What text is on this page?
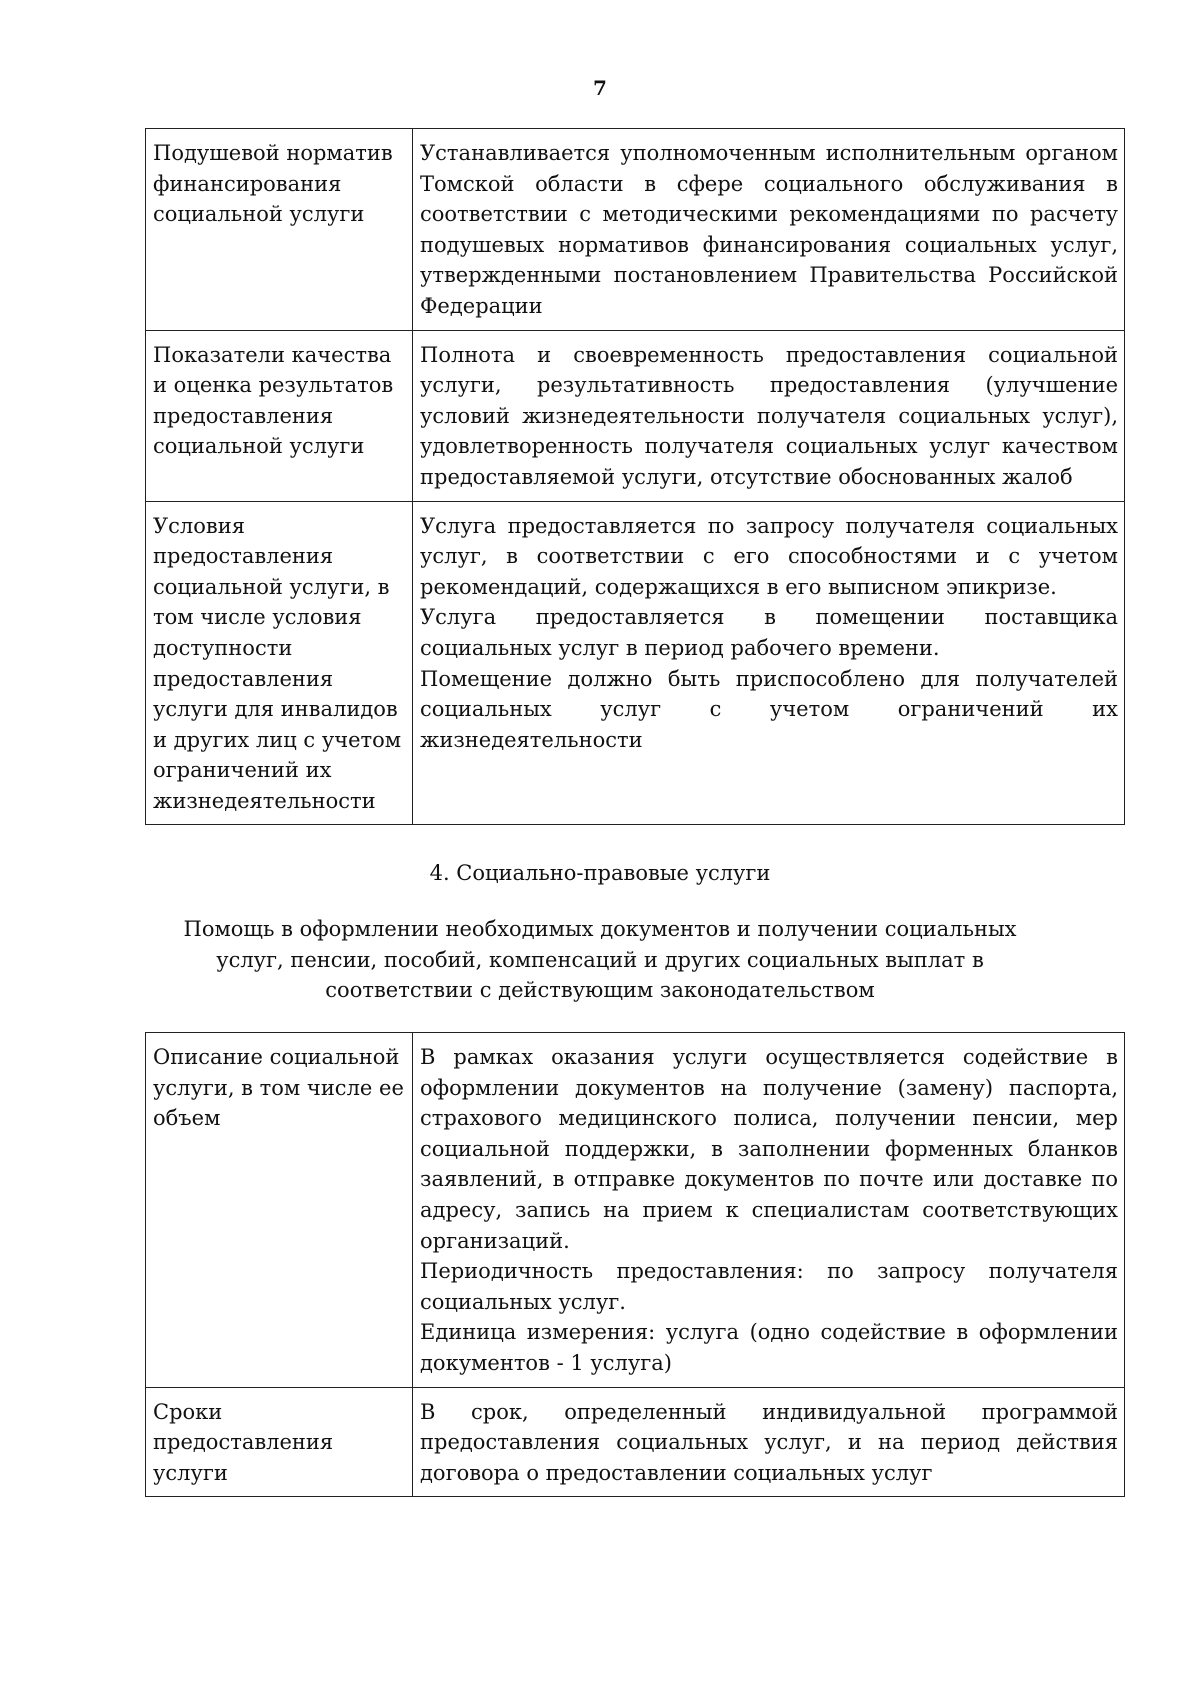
7
Подушевой норматив финансирования социальной услуги	Устанавливается уполномоченным исполнительным органом Томской области в сфере социального обслуживания в соответствии с методическими рекомендациями по расчету подушевых нормативов финансирования социальных услуг, утвержденными постановлением Правительства Российской Федерации

Показатели качества и оценка результатов предоставления социальной услуги	Полнота и своевременность предоставления социальной услуги, результативность предоставления (улучшение условий жизнедеятельности получателя социальных услуг), удовлетворенность получателя социальных услуг качеством предоставляемой услуги, отсутствие обоснованных жалоб

Условия предоставления социальной услуги, в том числе условия доступности предоставления услуги для инвалидов и других лиц с учетом ограничений их жизнедеятельности	Услуга предоставляется по запросу получателя социальных услуг, в соответствии с его способностями и с учетом рекомендаций, содержащихся в его выписном эпикризе.
Услуга предоставляется в помещении поставщика социальных услуг в период рабочего времени.
Помещение должно быть приспособлено для получателей социальных услуг с учетом ограничений их жизнедеятельности
4. Социально-правовые услуги
Помощь в оформлении необходимых документов и получении социальных услуг, пенсии, пособий, компенсаций и других социальных выплат в соответствии с действующим законодательством
Описание социальной услуги, в том числе ее объем	В рамках оказания услуги осуществляется содействие в оформлении документов на получение (замену) паспорта, страхового медицинского полиса, получении пенсии, мер социальной поддержки, в заполнении форменных бланков заявлений, в отправке документов по почте или доставке по адресу, запись на прием к специалистам соответствующих организаций.
Периодичность предоставления: по запросу получателя социальных услуг.
Единица измерения: услуга (одно содействие в оформлении документов - 1 услуга)

Сроки предоставления услуги	В срок, определенный индивидуальной программой предоставления социальных услуг, и на период действия договора о предоставлении социальных услуг
